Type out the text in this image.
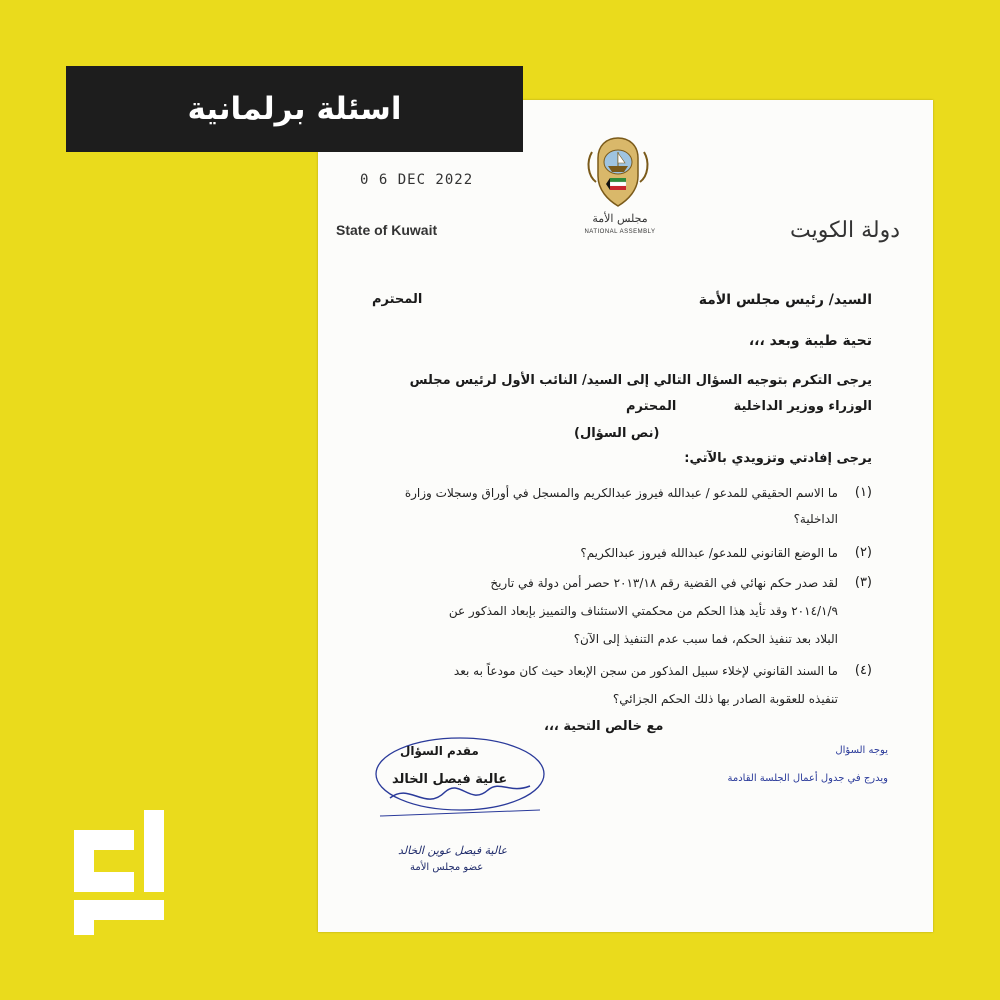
اسئلة برلمانية
0 6 DEC 2022
State of Kuwait	دولة الكويت
مجلس الأمة
NATIONAL ASSEMBLY
السيد/ رئيس مجلس الأمة
المحترم
تحية طيبة وبعد ،،،
يرجى التكرم بتوجيه السؤال التالي إلى السيد/ النائب الأول لرئيس مجلس
الوزراء ووزير الداخلية
المحترم
(نص السؤال)
يرجى إفادتي وتزويدي بالآتي:
(١)
ما الاسم الحقيقي للمدعو / عبدالله فيروز عبدالكريم والمسجل في أوراق وسجلات وزارة
الداخلية؟
(٢)
ما الوضع القانوني للمدعو/ عبدالله فيروز عبدالكريم؟
(٣)
لقد صدر حكم نهائي في القضية رقم ٢٠١٣/١٨ حصر أمن دولة في تاريخ
٢٠١٤/١/٩ وقد تأيد هذا الحكم من محكمتي الاستئناف والتمييز بإبعاد المذكور عن
البلاد بعد تنفيذ الحكم، فما سبب عدم التنفيذ إلى الآن؟
(٤)
ما السند القانوني لإخلاء سبيل المذكور من سجن الإبعاد حيث كان مودعاً به بعد
تنفيذه للعقوبة الصادر بها ذلك الحكم الجزائي؟
مع خالص التحية ،،،
يوجه السؤال
ويدرج في جدول أعمال الجلسة القادمة
مقدم السؤال
عالية فيصل الخالد
عالية فيصل عوين الخالد
عضو مجلس الأمة
